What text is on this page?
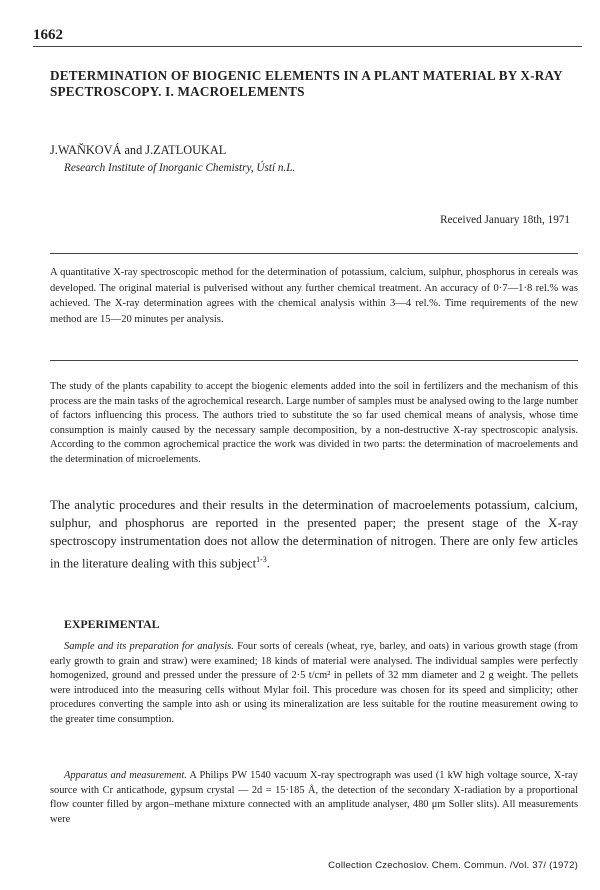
1662
DETERMINATION OF BIOGENIC ELEMENTS IN A PLANT MATERIAL BY X-RAY SPECTROSCOPY. I. MACROELEMENTS
J.WAŇKOVÁ and J.ZATLOUKAL
Research Institute of Inorganic Chemistry, Ústí n.L.
Received January 18th, 1971

A quantitative X-ray spectroscopic method for the determination of potassium, calcium, sulphur, phosphorus in cereals was developed. The original material is pulverised without any further chemical treatment. An accuracy of 0·7—1·8 rel.% was achieved. The X-ray determination agrees with the chemical analysis within 3—4 rel.%. Time requirements of the new method are 15—20 minutes per analysis.

The study of the plants capability to accept the biogenic elements added into the soil in fertilizers and the mechanism of this process are the main tasks of the agrochemical research. Large number of samples must be analysed owing to the large number of factors influencing this process. The authors tried to substitute the so far used chemical means of analysis, whose time consumption is mainly caused by the necessary sample decomposition, by a non-destructive X-ray spectroscopic analysis. According to the common agrochemical practice the work was divided in two parts: the determination of macroelements and the determination of microelements.

The analytic procedures and their results in the determination of macroelements potassium, calcium, sulphur, and phosphorus are reported in the presented paper; the present stage of the X-ray spectroscopy instrumentation does not allow the determination of nitrogen. There are only few articles in the literature dealing with this subject$^{1-3}$.

EXPERIMENTAL

Sample and its preparation for analysis. Four sorts of cereals (wheat, rye, barley, and oats) in various growth stage (from early growth to grain and straw) were examined; 18 kinds of material were analysed. The individual samples were perfectly homogenized, ground and pressed under the pressure of 2·5 t/cm² in pellets of 32 mm diameter and 2 g weight. The pellets were introduced into the measuring cells without Mylar foil. This procedure was chosen for its speed and simplicity; other procedures converting the sample into ash or using its mineralization are less suitable for the routine measurement owing to the greater time consumption.

Apparatus and measurement. A Philips PW 1540 vacuum X-ray spectrograph was used (1 kW high voltage source, X-ray source with Cr anticathode, gypsum crystal — 2d = 15·185 Å, the detection of the secondary X-radiation by a proportional flow counter filled by argon–methane mixture connected with an amplitude analyser, 480 μm Soller slits). All measurements were

Collection Czechoslov. Chem. Commun. /Vol. 37/ (1972)
